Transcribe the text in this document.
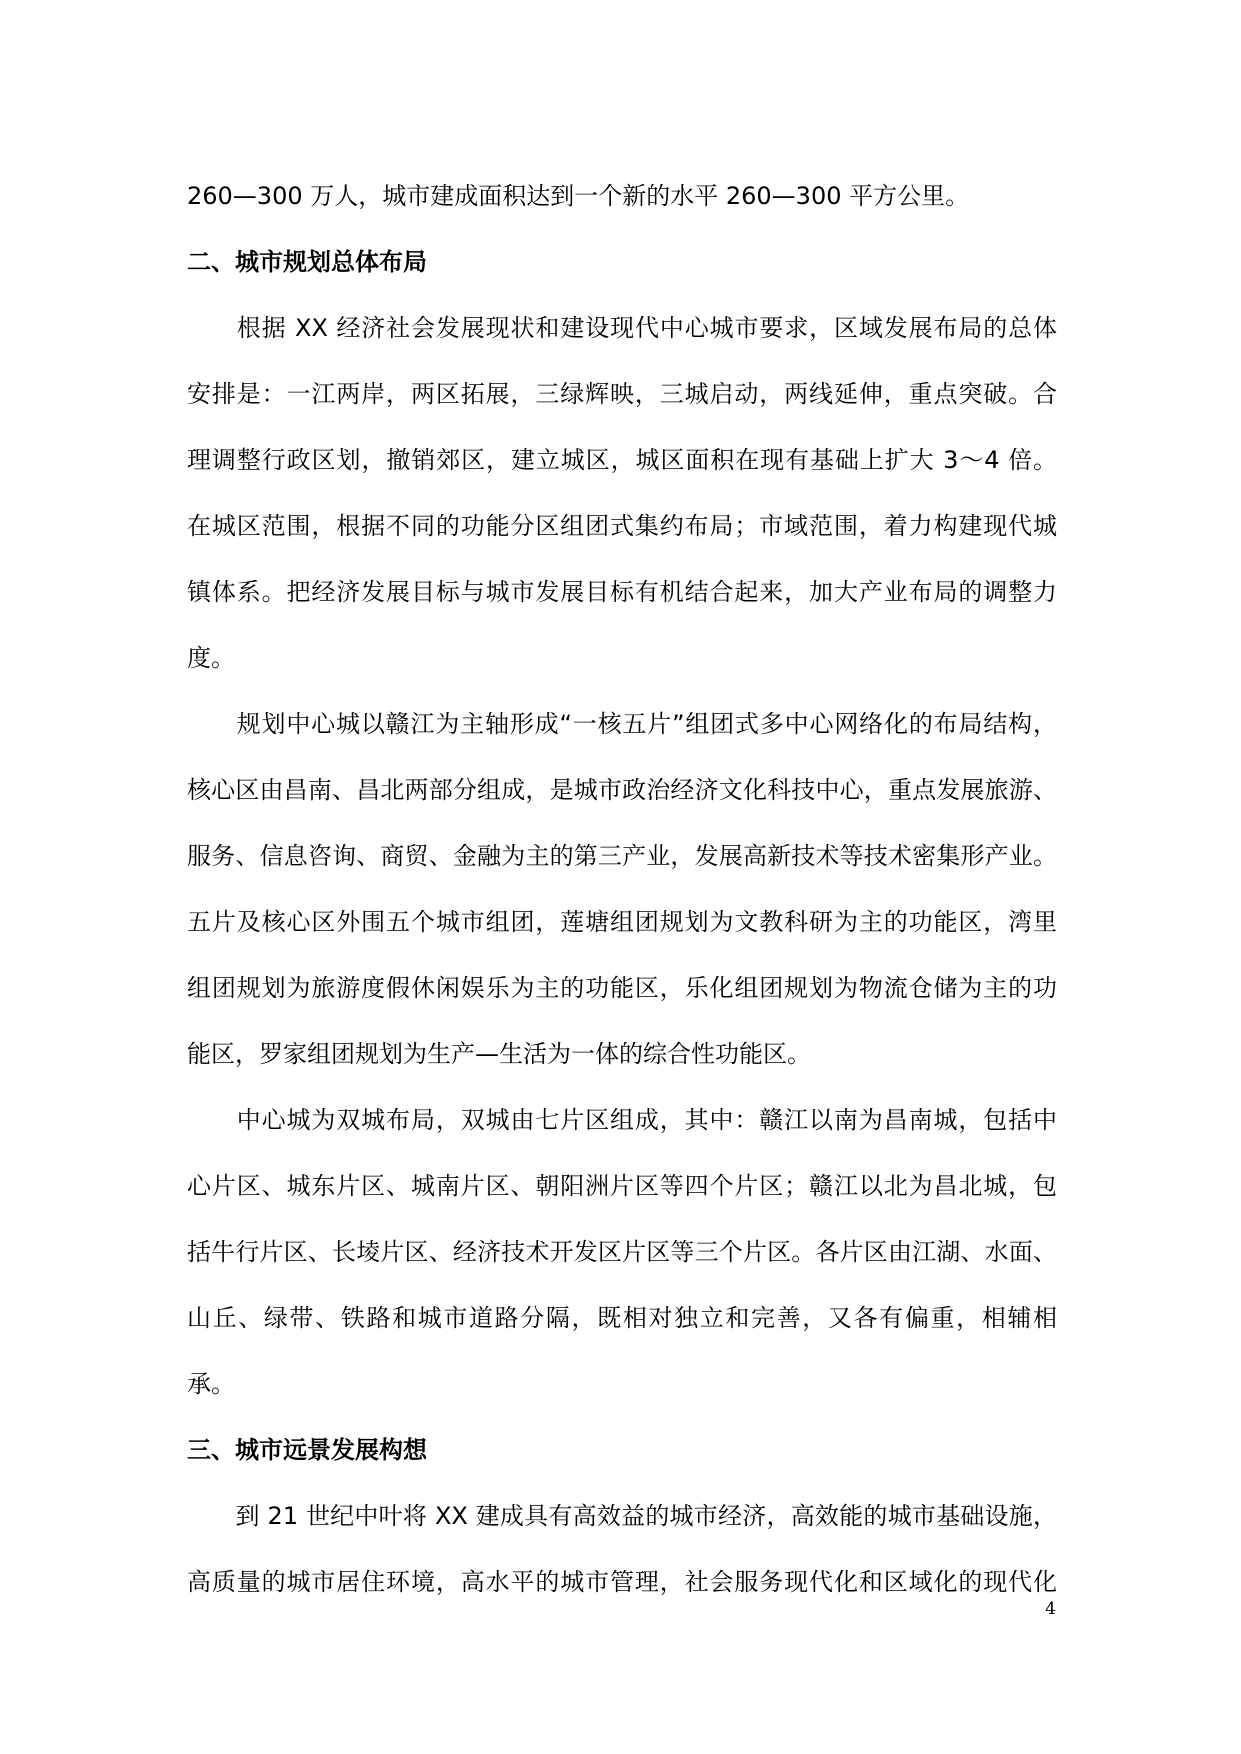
260—300 万人，城市建成面积达到一个新的水平 260—300 平方公里。
二、城市规划总体布局
　　根据 XX 经济社会发展现状和建设现代中心城市要求，区域发展布局的总体
安排是：一江两岸，两区拓展，三绿辉映，三城启动，两线延伸，重点突破。合
理调整行政区划，撤销郊区，建立城区，城区面积在现有基础上扩大 3～4 倍。
在城区范围，根据不同的功能分区组团式集约布局；市域范围，着力构建现代城
镇体系。把经济发展目标与城市发展目标有机结合起来，加大产业布局的调整力
度。
　　规划中心城以赣江为主轴形成“一核五片”组团式多中心网络化的布局结构，
核心区由昌南、昌北两部分组成，是城市政治经济文化科技中心，重点发展旅游、
服务、信息咨询、商贸、金融为主的第三产业，发展高新技术等技术密集形产业。
五片及核心区外围五个城市组团，莲塘组团规划为文教科研为主的功能区，湾里
组团规划为旅游度假休闲娱乐为主的功能区，乐化组团规划为物流仓储为主的功
能区，罗家组团规划为生产—生活为一体的综合性功能区。
　　中心城为双城布局，双城由七片区组成，其中：赣江以南为昌南城，包括中
心片区、城东片区、城南片区、朝阳洲片区等四个片区；赣江以北为昌北城，包
括牛行片区、长堎片区、经济技术开发区片区等三个片区。各片区由江湖、水面、
山丘、绿带、铁路和城市道路分隔，既相对独立和完善，又各有偏重，相辅相
承。
三、城市远景发展构想
　　到 21 世纪中叶将 XX 建成具有高效益的城市经济，高效能的城市基础设施，
高质量的城市居住环境，高水平的城市管理，社会服务现代化和区域化的现代化
4
